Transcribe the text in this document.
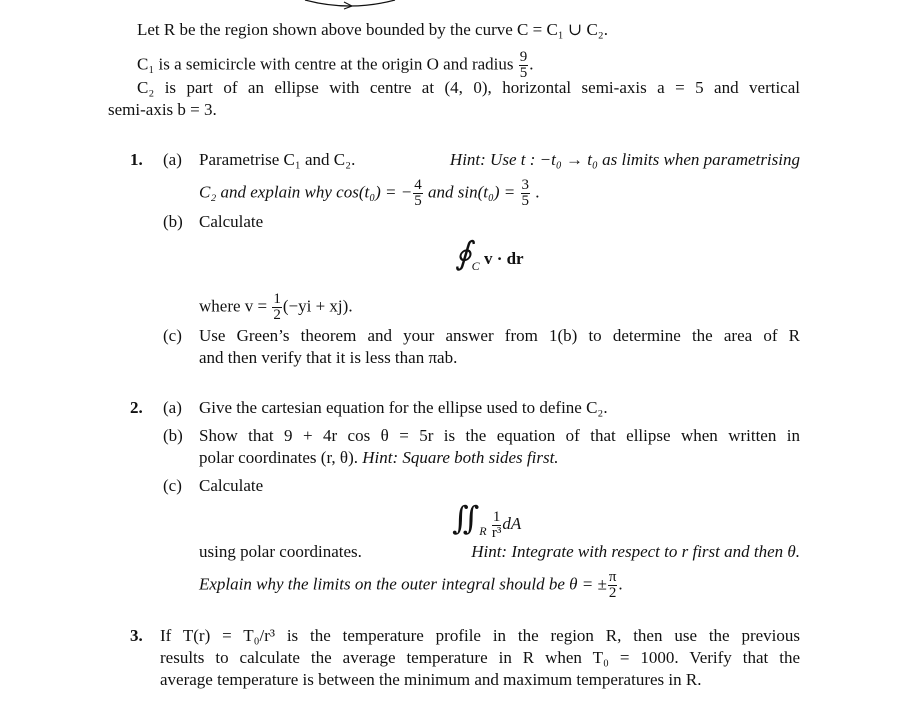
Let R be the region shown above bounded by the curve C = C₁ ∪ C₂.
C₁ is a semicircle with centre at the origin O and radius $\frac{9}{5}$ .
C₂ is part of an ellipse with centre at (4, 0), horizontal semi-axis a = 5 and vertical
semi-axis b = 3.
1. (a) Parametrise C₁ and C₂.	Hint: Use t : −t₀ → t₀ as limits when parametrising
C₂ and explain why cos(t₀) = − $\frac{4}{5}$ and $\sin(t_0) = \frac{3}{5}$ .
(b) Calculate
$∮_C$ v · dr
where $v = \frac{1}{2} (-yi + xj)$.
(c) Use Green’s theorem and your answer from 1(b) to determine the area of R
and then verify that it is less than πab.
2. (a) Give the cartesian equation for the ellipse used to define C₂.
(b) Show that 9 + 4r cos θ = 5r is the equation of that ellipse when written in
polar coordinates (r, θ). Hint: Square both sides first.
(c) Calculate
$∬_R \frac{1}{\text{r³}}$ dA
using polar coordinates.	Hint: Integrate with respect to r first and then θ.
Explain why the limits on the outer integral should be θ = ± $\frac{\pi}{2}$ .
3. If T(r) = T₀/r³ is the temperature profile in the region R, then use the previous
results to calculate the average temperature in R when T₀ = 1000. Verify that the
average temperature is between the minimum and maximum temperatures in R.
